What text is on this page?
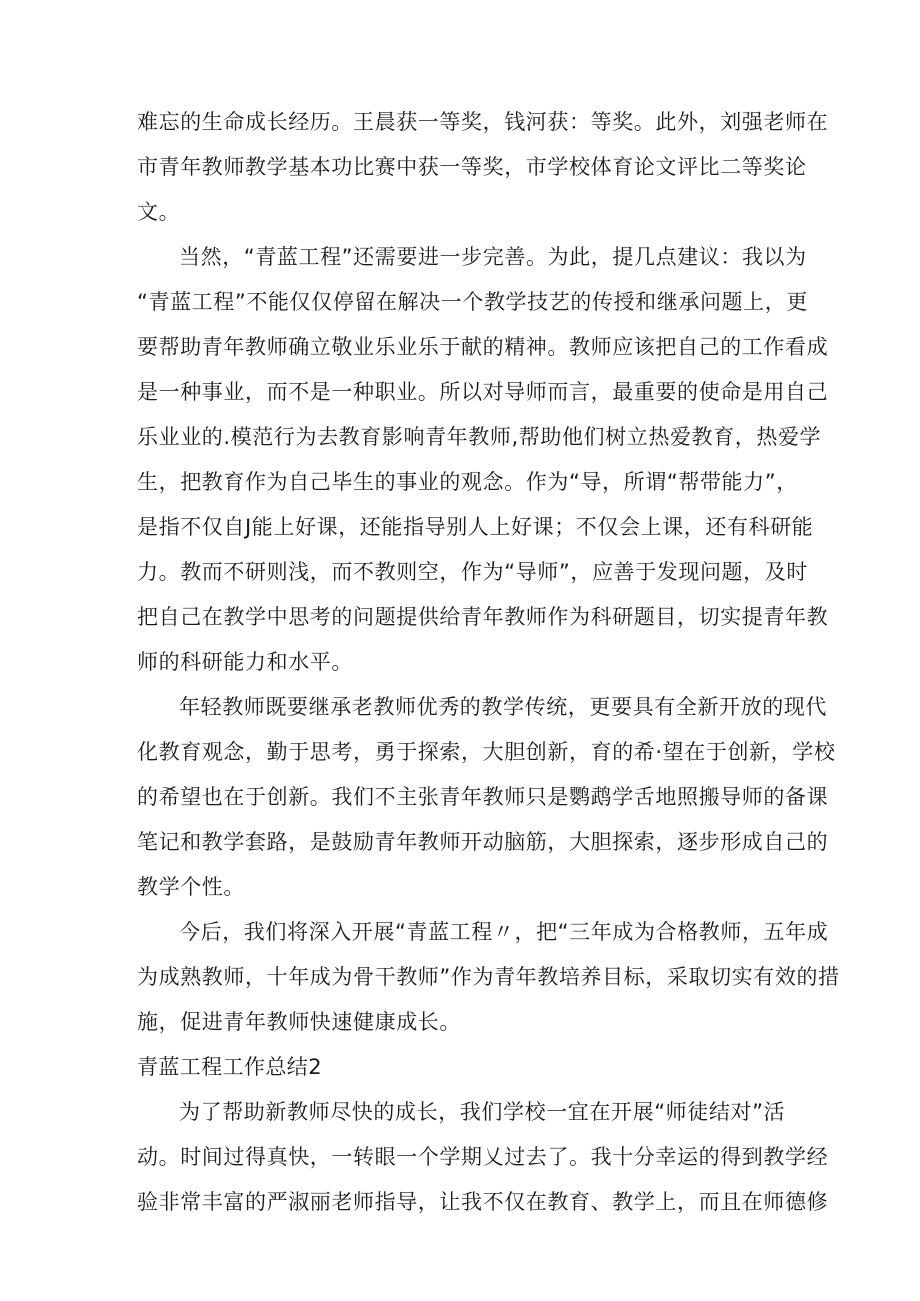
难忘的生命成长经历。王晨获一等奖，钱河获：等奖。此外，刘强老师在
市青年教师教学基本功比赛中获一等奖，市学校体育论文评比二等奖论
文。

当然，“青蓝工程”还需要进一步完善。为此，提几点建议：我以为
“青蓝工程”不能仅仅停留在解决一个教学技艺的传授和继承问题上，更
要帮助青年教师确立敬业乐业乐于献的精神。教师应该把自己的工作看成
是一种事业，而不是一种职业。所以对导师而言，最重要的使命是用自己
乐业业的.模范行为去教育影响青年教师,帮助他们树立热爱教育，热爱学
生，把教育作为自己毕生的事业的观念。作为“导，所谓“帮带能力”，
是指不仅自J能上好课，还能指导别人上好课；不仅会上课，还有科研能
力。教而不研则浅，而不教则空，作为“导师”，应善于发现问题，及时
把自己在教学中思考的问题提供给青年教师作为科研题目，切实提青年教
师的科研能力和水平。

年轻教师既要继承老教师优秀的教学传统，更要具有全新开放的现代
化教育观念，勤于思考，勇于探索，大胆创新，育的希·望在于创新，学校
的希望也在于创新。我们不主张青年教师只是鹦鹉学舌地照搬导师的备课
笔记和教学套路，是鼓励青年教师开动脑筋，大胆探索，逐步形成自己的
教学个性。

今后，我们将深入开展“青蓝工程〃，把“三年成为合格教师，五年成
为成熟教师，十年成为骨干教师”作为青年教培养目标，采取切实有效的措
施，促进青年教师快速健康成长。

青蓝工程工作总结2

为了帮助新教师尽快的成长，我们学校一宜在开展“师徒结对”活
动。时间过得真快，一转眼一个学期乂过去了。我十分幸运的得到教学经
验非常丰富的严淑丽老师指导，让我不仅在教育、教学上，而且在师德修
